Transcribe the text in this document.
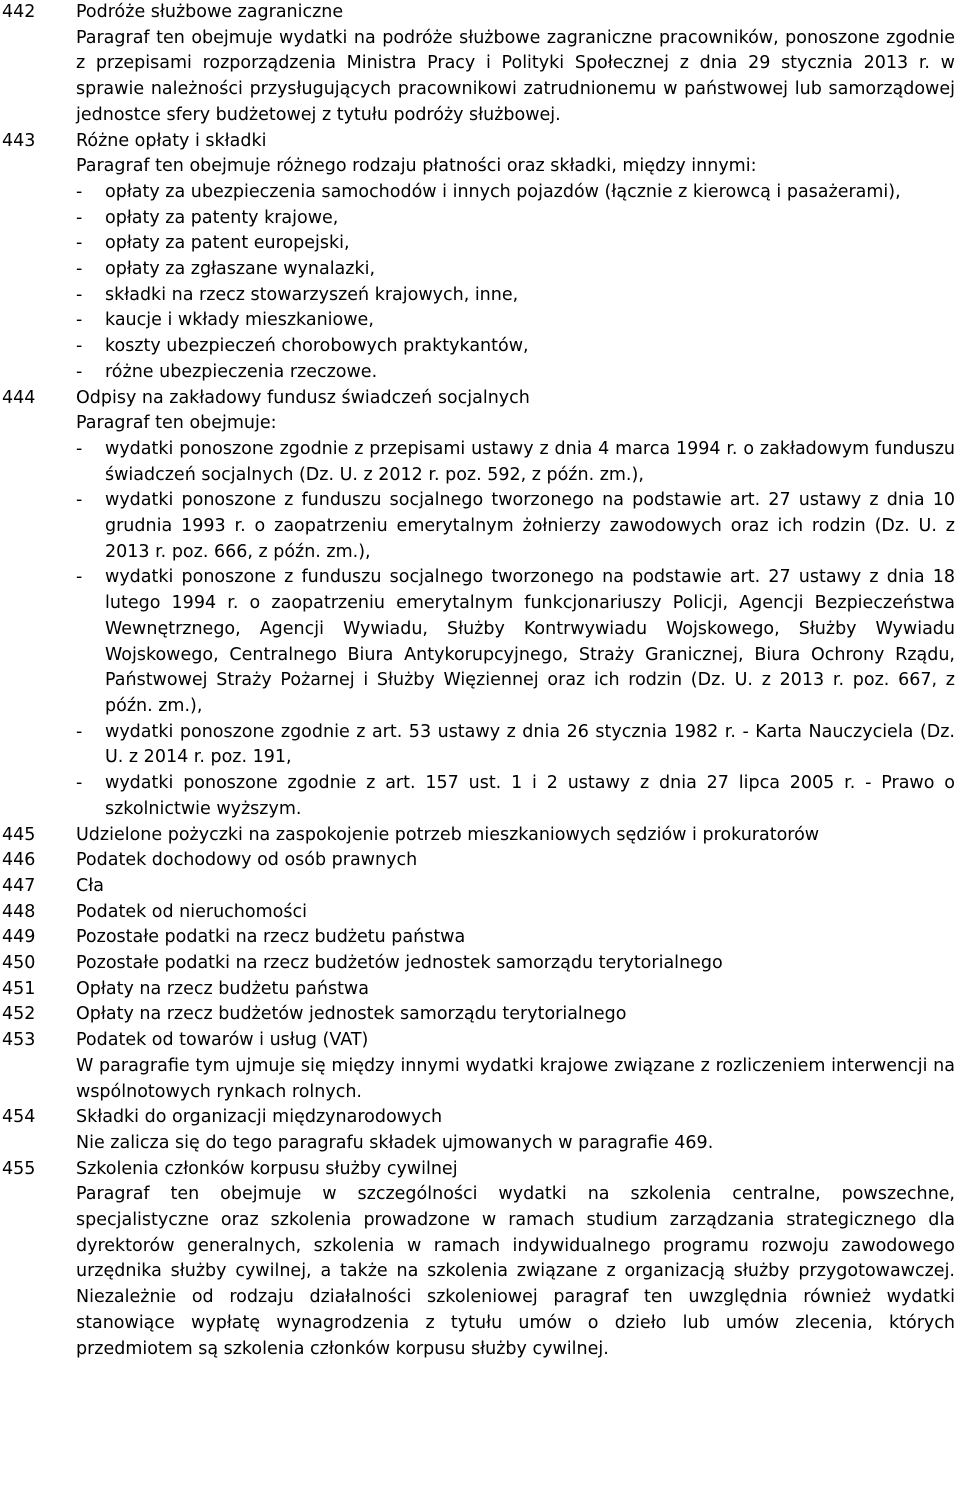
442	Podróże służbowe zagraniczne
Paragraf ten obejmuje wydatki na podróże służbowe zagraniczne pracowników, ponoszone zgodnie z przepisami rozporządzenia Ministra Pracy i Polityki Społecznej z dnia 29 stycznia 2013 r. w sprawie należności przysługujących pracownikowi zatrudnionemu w państwowej lub samorządowej jednostce sfery budżetowej z tytułu podróży służbowej.
443	Różne opłaty i składki
Paragraf ten obejmuje różnego rodzaju płatności oraz składki, między innymi:
- opłaty za ubezpieczenia samochodów i innych pojazdów (łącznie z kierowcą i pasażerami),
- opłaty za patenty krajowe,
- opłaty za patent europejski,
- opłaty za zgłaszane wynalazki,
- składki na rzecz stowarzyszeń krajowych, inne,
- kaucje i wkłady mieszkaniowe,
- koszty ubezpieczeń chorobowych praktykantów,
- różne ubezpieczenia rzeczowe.
444	Odpisy na zakładowy fundusz świadczeń socjalnych
Paragraf ten obejmuje:
- wydatki ponoszone zgodnie z przepisami ustawy z dnia 4 marca 1994 r. o zakładowym funduszu świadczeń socjalnych (Dz. U. z 2012 r. poz. 592, z późn. zm.),
- wydatki ponoszone z funduszu socjalnego tworzonego na podstawie art. 27 ustawy z dnia 10 grudnia 1993 r. o zaopatrzeniu emerytalnym żołnierzy zawodowych oraz ich rodzin (Dz. U. z 2013 r. poz. 666, z późn. zm.),
- wydatki ponoszone z funduszu socjalnego tworzonego na podstawie art. 27 ustawy z dnia 18 lutego 1994 r. o zaopatrzeniu emerytalnym funkcjonariuszy Policji, Agencji Bezpieczeństwa Wewnętrznego, Agencji Wywiadu, Służby Kontrwywiadu Wojskowego, Służby Wywiadu Wojskowego, Centralnego Biura Antykorupcyjnego, Straży Granicznej, Biura Ochrony Rządu, Państwowej Straży Pożarnej i Służby Więziennej oraz ich rodzin (Dz. U. z 2013 r. poz. 667, z późn. zm.),
- wydatki ponoszone zgodnie z art. 53 ustawy z dnia 26 stycznia 1982 r. - Karta Nauczyciela (Dz. U. z 2014 r. poz. 191,
- wydatki ponoszone zgodnie z art. 157 ust. 1 i 2 ustawy z dnia 27 lipca 2005 r. - Prawo o szkolnictwie wyższym.
445	Udzielone pożyczki na zaspokojenie potrzeb mieszkaniowych sędziów i prokuratorów
446	Podatek dochodowy od osób prawnych
447	Cła
448	Podatek od nieruchomości
449	Pozostałe podatki na rzecz budżetu państwa
450	Pozostałe podatki na rzecz budżetów jednostek samorządu terytorialnego
451	Opłaty na rzecz budżetu państwa
452	Opłaty na rzecz budżetów jednostek samorządu terytorialnego
453	Podatek od towarów i usług (VAT)
W paragrafie tym ujmuje się między innymi wydatki krajowe związane z rozliczeniem interwencji na wspólnotowych rynkach rolnych.
454	Składki do organizacji międzynarodowych
Nie zalicza się do tego paragrafu składek ujmowanych w paragrafie 469.
455	Szkolenia członków korpusu służby cywilnej
Paragraf ten obejmuje w szczególności wydatki na szkolenia centralne, powszechne, specjalistyczne oraz szkolenia prowadzone w ramach studium zarządzania strategicznego dla dyrektorów generalnych, szkolenia w ramach indywidualnego programu rozwoju zawodowego urzędnika służby cywilnej, a także na szkolenia związane z organizacją służby przygotowawczej. Niezależnie od rodzaju działalności szkoleniowej paragraf ten uwzględnia również wydatki stanowiące wypłatę wynagrodzenia z tytułu umów o dzieło lub umów zlecenia, których przedmiotem są szkolenia członków korpusu służby cywilnej.
